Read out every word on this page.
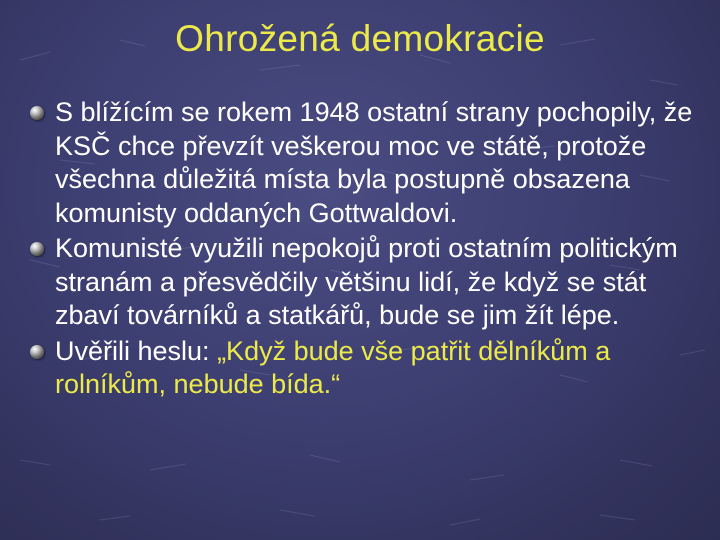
Ohrožená demokracie
S blížícím se rokem 1948 ostatní strany pochopily, že KSČ chce převzít veškerou moc ve státě, protože všechna důležitá místa byla postupně obsazena komunisty oddaných Gottwaldovi.
Komunisté využili nepokojů proti ostatním politickým stranám a přesvědčily většinu lidí, že když se stát zbaví továrníků a statkářů, bude se jim žít lépe.
Uvěřili heslu: „Když bude vše patřit dělníkům a rolníkům, nebude bída.“
